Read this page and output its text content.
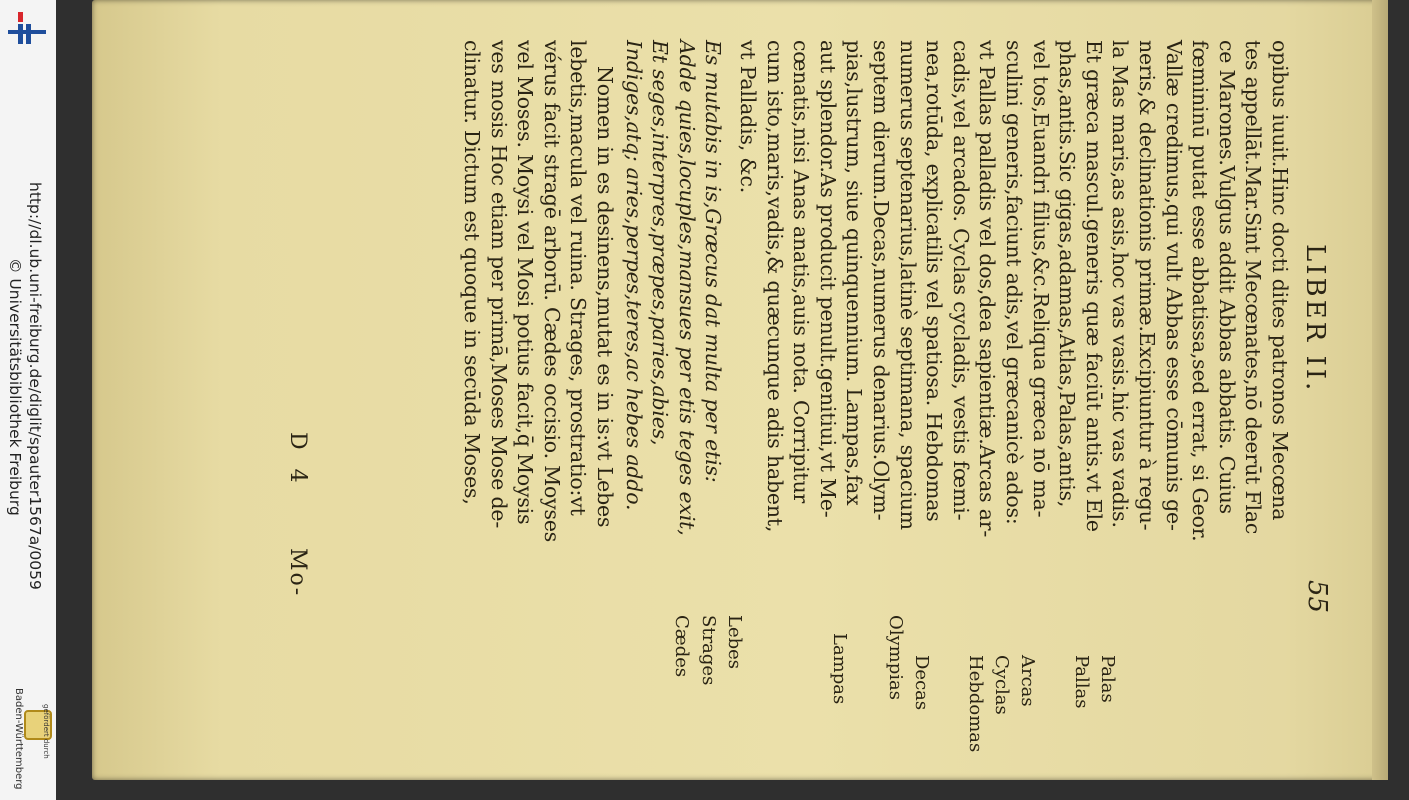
http://dl.ub.uni-freiburg.de/diglit/spauter1567a/0059
© Universitätsbibliothek Freiburg
gefördert durch
Baden-Württemberg
LIBER II.
55
opibus iuuit.Hinc docti dites patronos Mecœna
tes appellāt.Mar.Sint Mecœnates,nō deerūt Flac
ce Marones.Vulgus addit Abbas abbatis. Cuius
fœmininū putat esse abbatissa,sed errat, si Geor.
Vallæ credimus,qui vult Abbas esse cōmunis ge-
neris,& declinationis primæ.Excipiuntur à regu-
la Mas maris,as asis,hoc vas vasis.hic vas vadis.
Et græca mascul.generis quæ faciūt antis.vt Ele
phas,antis.Sic gigas,adamas,Atlas,Palas,antis,
vel tos,Euandri filius,&c.Reliqua græca nō ma-
sculini generis,faciunt adis,vel græcanicè ados:
vt Pallas palladis vel dos,dea sapientiæ.Arcas ar-
cadis,vel arcados. Cyclas cycladis, vestis fœmi-
nea,rotūda, explicatilis vel spatiosa. Hebdomas
numerus septenarius,latinè septimana, spacium
septem dierum.Decas,numerus denarius.Olym-
pias,lustrum, siue quinquennium. Lampas,fax
aut splendor.As producit penult.genitiui,vt Me-
cœnatis,nisi Anas anatis,auis nota. Corripitur
cum isto,maris,vadis,& quæcunque adis habent,
vt Palladis, &c.
Es mutabis in is,Græcus dat multa per etis:
Adde quies,locuples,mansues per etis teges exit,
Et seges,interpres,præpes,paries,abies,
Indiges,atq; aries,perpes,teres,ac hebes addo.
Nomen in es desinens,mutat es in is:vt Lebes
lebetis,macula vel ruina. Strages, prostratio:vt
vérus facit stragē arborū. Cædes occisio. Moyses
vel Moses. Moysi vel Mosi potius facit,q̄ Moysis
ves mosis Hoc etiam per primā,Moses Mose de-
clinatur. Dictum est quoque in secūda Moses,
D 4
Mo-
Palas
Pallas
Arcas
Cyclas
Hebdomas
Decas
Olympias
Lampas
Lebes
Strages
Cædes
